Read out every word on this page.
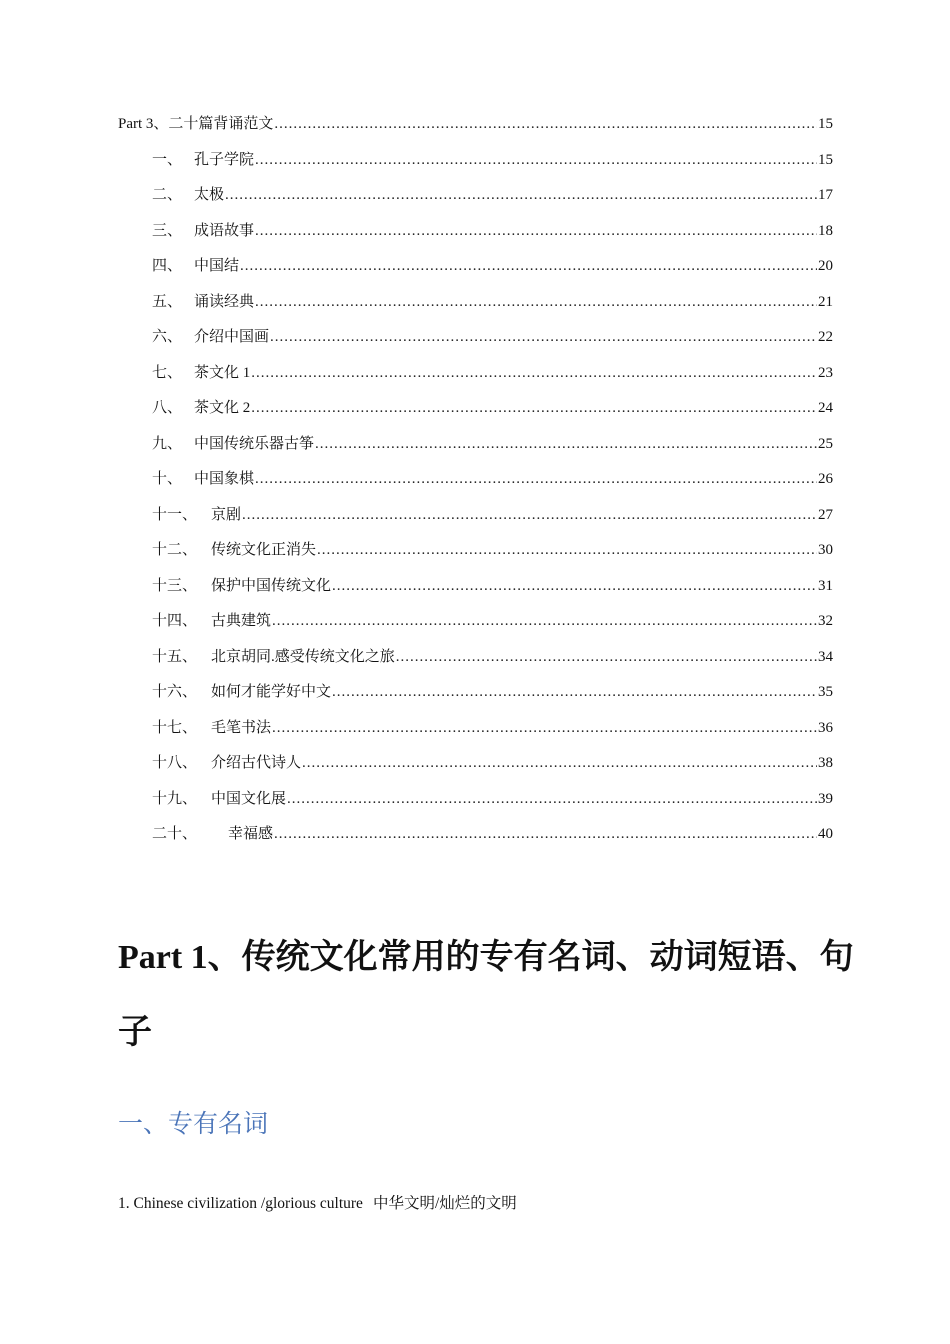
Part 3、二十篇背诵范文 .....	15
一、 孔子学院 .....	15
二、 太极 .....	17
三、 成语故事 .....	18
四、 中国结 .....	20
五、 诵读经典 .....	21
六、 介绍中国画 .....	22
七、 茶文化 1 .....	23
八、 茶文化 2 .....	24
九、 中国传统乐器古筝 .....	25
十、 中国象棋 .....	26
十一、 京剧 .....	27
十二、 传统文化正消失 .....	30
十三、 保护中国传统文化 .....	31
十四、 古典建筑 .....	32
十五、 北京胡同.感受传统文化之旅 .....	34
十六、 如何才能学好中文 .....	35
十七、 毛笔书法 .....	36
十八、 介绍古代诗人 .....	38
十九、 中国文化展 .....	39
二十、	幸福感 .....	40
Part 1、传统文化常用的专有名词、动词短语、句子
一、专有名词

1. Chinese civilization /glorious culture 中华文明/灿烂的文明
